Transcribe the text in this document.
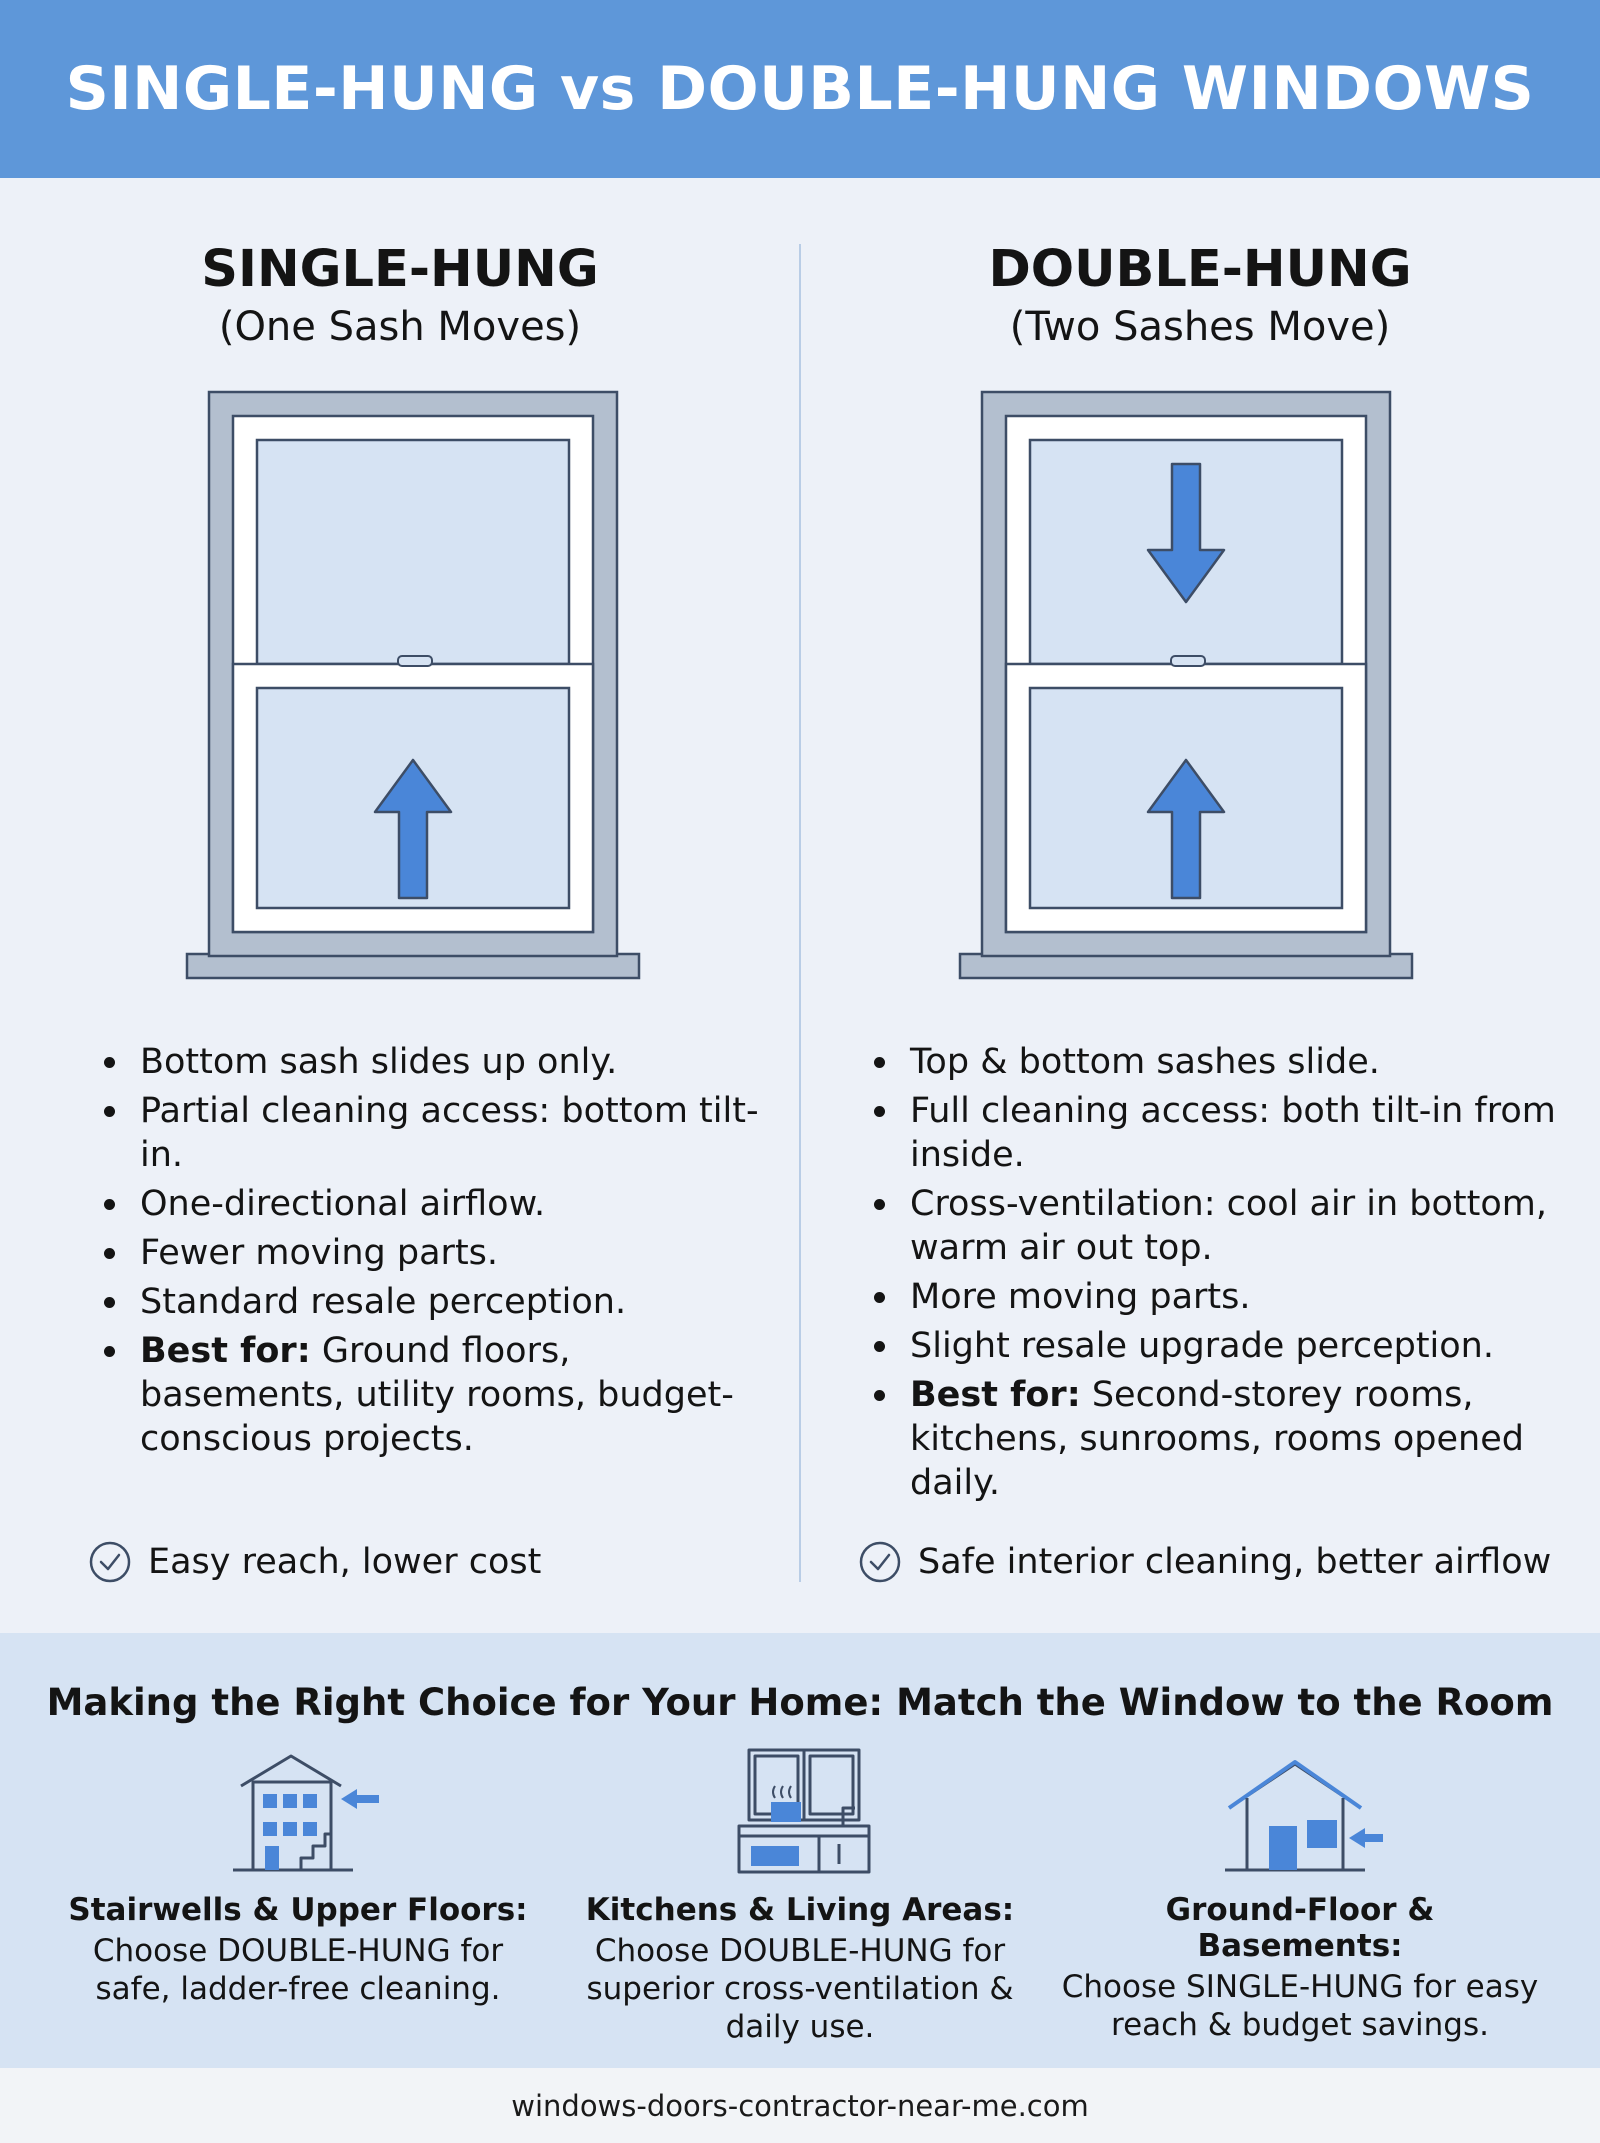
SINGLE-HUNG vs DOUBLE-HUNG WINDOWS
SINGLE-HUNG

(One Sash Moves)

Bottom sash slides up only.
Partial cleaning access: bottom tilt-in.
One-directional airflow.
Fewer moving parts.
Standard resale perception.
Best for: Ground floors, basements, utility rooms, budget-conscious projects.
Easy reach, lower cost
DOUBLE-HUNG

(Two Sashes Move)

Top & bottom sashes slide.
Full cleaning access: both tilt-in from inside.
Cross-ventilation: cool air in bottom, warm air out top.
More moving parts.
Slight resale upgrade perception.
Best for: Second-storey rooms, kitchens, sunrooms, rooms opened daily.
Safe interior cleaning, better airflow
Making the Right Choice for Your Home: Match the Window to the Room
Stairwells & Upper Floors:
Choose DOUBLE-HUNG for safe, ladder-free cleaning.
Kitchens & Living Areas:
Choose DOUBLE-HUNG for superior cross-ventilation & daily use.
Ground-Floor & Basements:
Choose SINGLE-HUNG for easy reach & budget savings.
windows-doors-contractor-near-me.com
